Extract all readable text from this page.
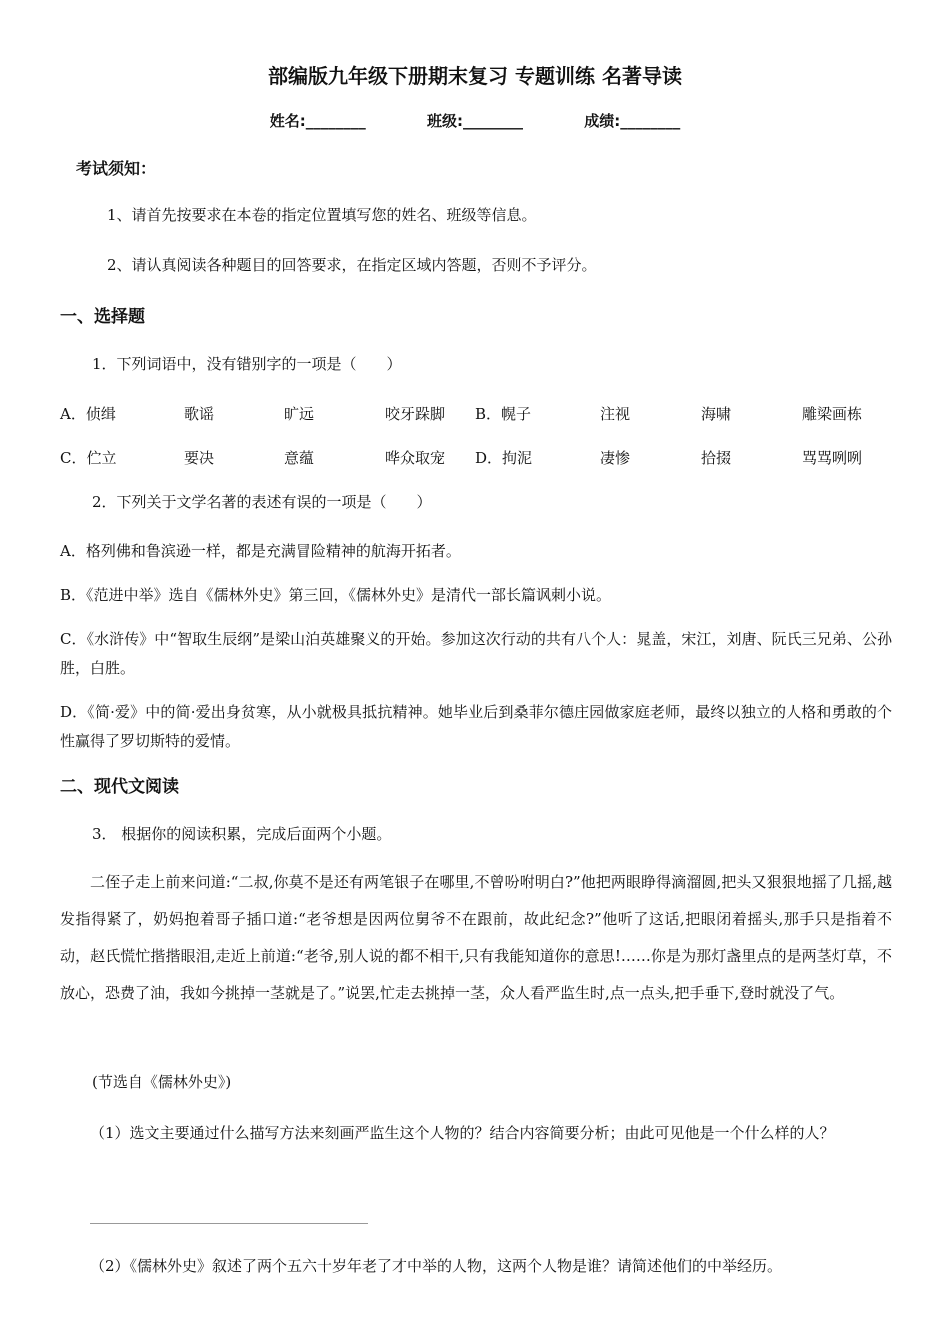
部编版九年级下册期末复习 专题训练 名著导读
姓名:________	班级:________	成绩:________
考试须知：
1、请首先按要求在本卷的指定位置填写您的姓名、班级等信息。
2、请认真阅读各种题目的回答要求，在指定区域内答题，否则不予评分。
一、选择题
1．下列词语中，没有错别字的一项是（　　）
A．侦缉	歌谣	旷远	咬牙跺脚 B．幌子	注视	海啸	雕梁画栋
C．伫立	要决	意蕴	哗众取宠 D．拘泥	凄惨	拾掇	骂骂咧咧
2．下列关于文学名著的表述有误的一项是（　　）
A．格列佛和鲁滨逊一样，都是充满冒险精神的航海开拓者。
B．《范进中举》选自《儒林外史》第三回，《儒林外史》是清代一部长篇讽刺小说。
C．《水浒传》中“智取生辰纲”是梁山泊英雄聚义的开始。参加这次行动的共有八个人：晁盖，宋江，刘唐、阮氏三兄弟、公孙胜，白胜。
D．《简·爱》中的简·爱出身贫寒，从小就极具抵抗精神。她毕业后到桑菲尔德庄园做家庭老师，最终以独立的人格和勇敢的个性赢得了罗切斯特的爱情。
二、现代文阅读
3． 根据你的阅读积累，完成后面两个小题。
二侄子走上前来问道:“二叔,你莫不是还有两笔银子在哪里,不曾吩咐明白?”他把两眼睁得滴溜圆,把头又狠狠地摇了几摇,越发指得紧了，奶妈抱着哥子插口道:“老爷想是因两位舅爷不在跟前，故此纪念?”他听了这话,把眼闭着摇头,那手只是指着不动，赵氏慌忙揩揩眼泪,走近上前道:“老爷,别人说的都不相干,只有我能知道你的意思!……你是为那灯盏里点的是两茎灯草，不放心，恐费了油，我如今挑掉一茎就是了。”说罢,忙走去挑掉一茎，众人看严监生时,点一点头,把手垂下,登时就没了气。
(节选自《儒林外史》)
（1）选文主要通过什么描写方法来刻画严监生这个人物的？结合内容简要分析；由此可见他是一个什么样的人？
（2）《儒林外史》叙述了两个五六十岁年老了才中举的人物，这两个人物是谁？请简述他们的中举经历。
